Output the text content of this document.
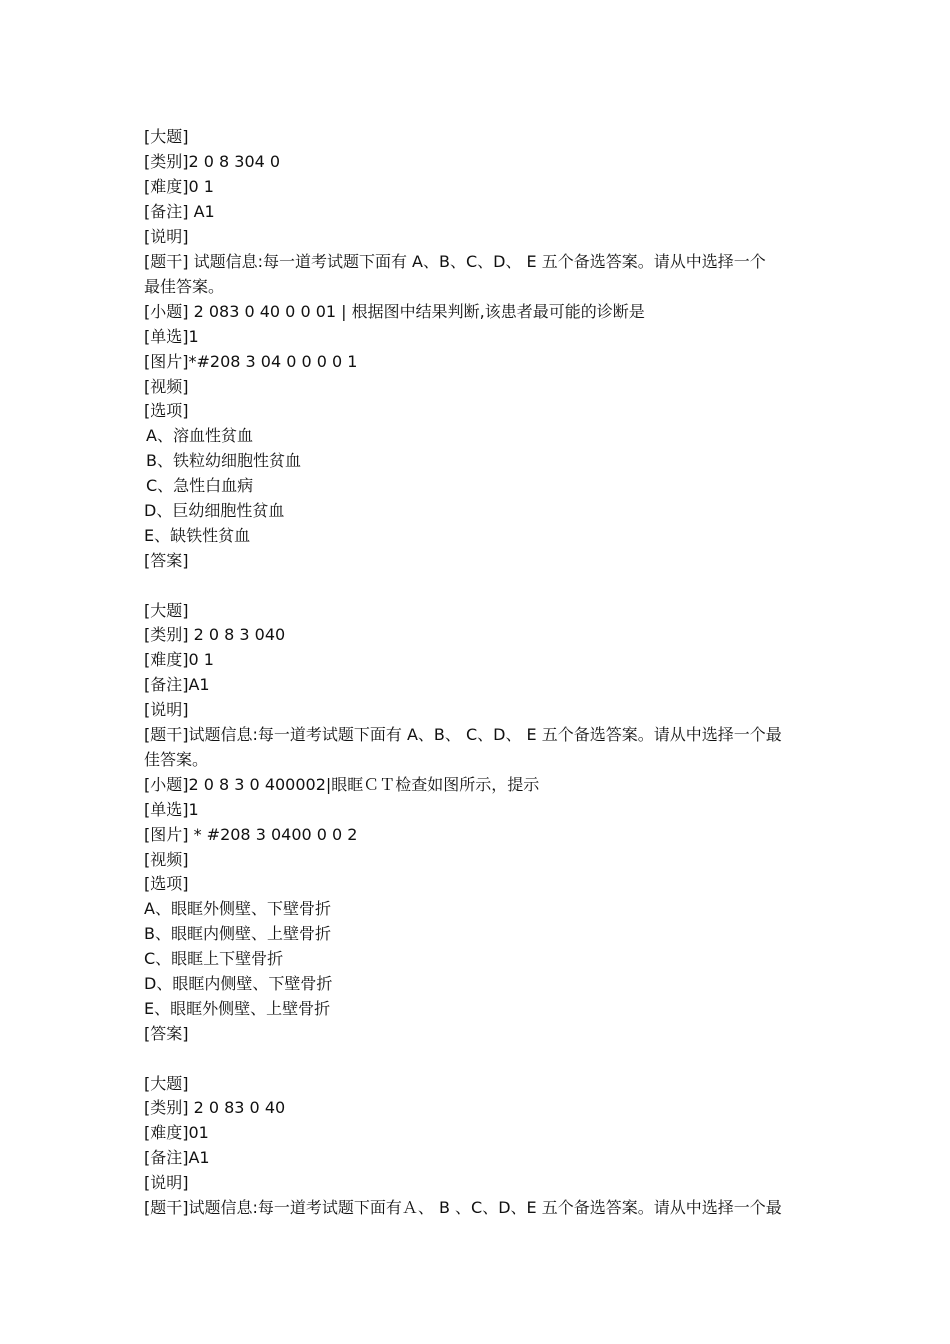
[大题]
[类别]2 0 8 304 0
[难度]0 1
[备注] A1
[说明]
[题干] 试题信息:每一道考试题下面有 A、B、C、D、 E 五个备选答案。请从中选择一个
最佳答案。
[小题] 2 083 0 40 0 0 01 | 根据图中结果判断,该患者最可能的诊断是
[单选]1
[图片]*#208 3 04 0 0 0 0 1
[视频]
[选项]
A、溶血性贫血
B、铁粒幼细胞性贫血
C、急性白血病
D、巨幼细胞性贫血
E、缺铁性贫血
[答案]
[大题]
[类别] 2 0 8 3 040
[难度]0 1
[备注]A1
[说明]
[题干]试题信息:每一道考试题下面有 A、B、 C、D、 E 五个备选答案。请从中选择一个最
佳答案。
[小题]2 0 8 3 0 400002|眼眶ＣＴ检查如图所示，提示
[单选]1
[图片] * #208 3 0400 0 0 2
[视频]
[选项]
A、眼眶外侧壁、下壁骨折
B、眼眶内侧壁、上壁骨折
C、眼眶上下壁骨折
D、眼眶内侧壁、下壁骨折
E、眼眶外侧壁、上壁骨折
[答案]
[大题]
[类别] 2 0 83 0 40
[难度]01
[备注]A1
[说明]
[题干]试题信息:每一道考试题下面有Ａ、 B 、C、D、E 五个备选答案。请从中选择一个最
